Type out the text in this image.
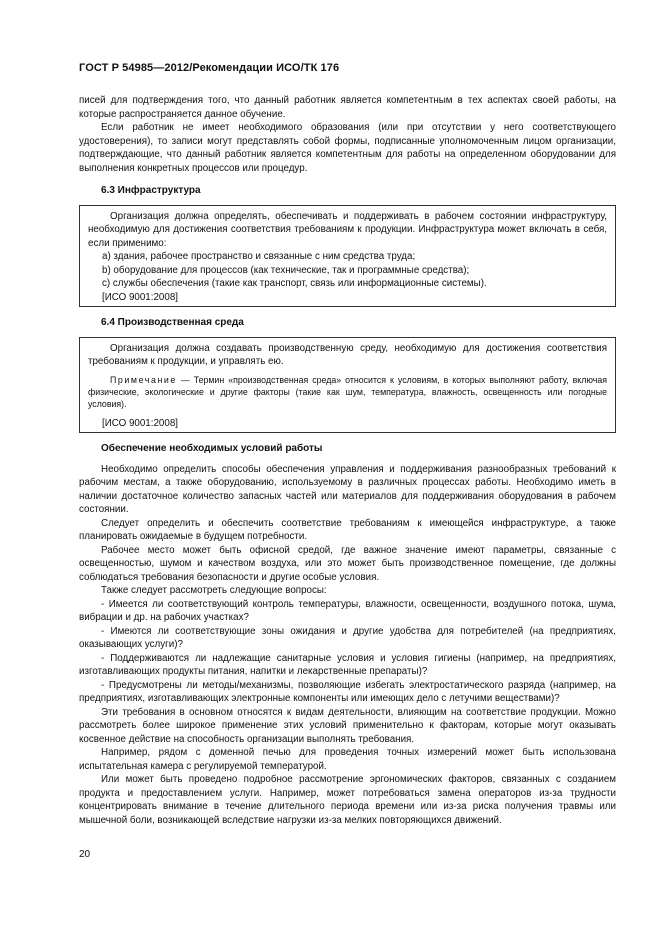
ГОСТ Р 54985—2012/Рекомендации ИСО/ТК 176

писей для подтверждения того, что данный работник является компетентным в тех аспектах своей работы, на которые распространяется данное обучение.

Если работник не имеет необходимого образования (или при отсутствии у него соответствующего удостоверения), то записи могут представлять собой формы, подписанные уполномоченным лицом организации, подтверждающие, что данный работник является компетентным для работы на определенном оборудовании для выполнения конкретных процессов или процедур.

6.3 Инфраструктура

Организация должна определять, обеспечивать и поддерживать в рабочем состоянии инфраструктуру, необходимую для достижения соответствия требованиям к продукции. Инфраструктура может включать в себя, если применимо:

а) здания, рабочее пространство и связанные с ним средства труда;

b) оборудование для процессов (как технические, так и программные средства);

с) службы обеспечения (такие как транспорт, связь или информационные системы).

[ИСО 9001:2008]

6.4 Производственная среда

Организация должна создавать производственную среду, необходимую для достижения соответствия требованиям к продукции, и управлять ею.

Примечание — Термин «производственная среда» относится к условиям, в которых выполняют работу, включая физические, экологические и другие факторы (такие как шум, температура, влажность, освещенность или погодные условия).

[ИСО 9001:2008]

Обеспечение необходимых условий работы

Необходимо определить способы обеспечения управления и поддерживания разнообразных требований к рабочим местам, а также оборудованию, используемому в различных процессах работы. Необходимо иметь в наличии достаточное количество запасных частей или материалов для поддерживания оборудования в рабочем состоянии.

Следует определить и обеспечить соответствие требованиям к имеющейся инфраструктуре, а также планировать ожидаемые в будущем потребности.

Рабочее место может быть офисной средой, где важное значение имеют параметры, связанные с освещенностью, шумом и качеством воздуха, или это может быть производственное помещение, где должны соблюдаться требования безопасности и другие особые условия.

Также следует рассмотреть следующие вопросы:

- Имеется ли соответствующий контроль температуры, влажности, освещенности, воздушного потока, шума, вибрации и др. на рабочих участках?

- Имеются ли соответствующие зоны ожидания и другие удобства для потребителей (на предприятиях, оказывающих услуги)?

- Поддерживаются ли надлежащие санитарные условия и условия гигиены (например, на предприятиях, изготавливающих продукты питания, напитки и лекарственные препараты)?

- Предусмотрены ли методы/механизмы, позволяющие избегать электростатического разряда (например, на предприятиях, изготавливающих электронные компоненты или имеющих дело с летучими веществами)?

Эти требования в основном относятся к видам деятельности, влияющим на соответствие продукции. Можно рассмотреть более широкое применение этих условий применительно к факторам, которые могут оказывать косвенное действие на способность организации выполнять требования.

Например, рядом с доменной печью для проведения точных измерений может быть использована испытательная камера с регулируемой температурой.

Или может быть проведено подробное рассмотрение эргономических факторов, связанных с созданием продукта и предоставлением услуги. Например, может потребоваться замена операторов из-за трудности концентрировать внимание в течение длительного периода времени или из-за риска получения травмы или мышечной боли, возникающей вследствие нагрузки из-за мелких повторяющихся движений.

20
